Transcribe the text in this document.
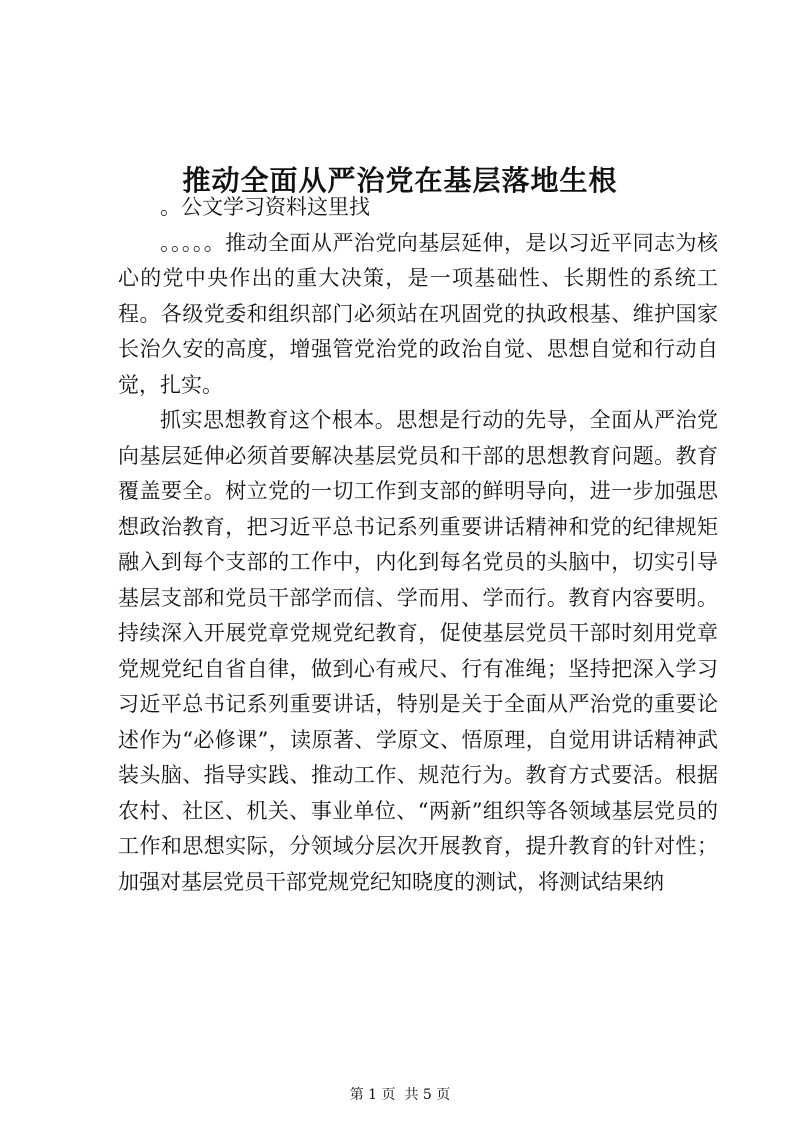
推动全面从严治党在基层落地生根

。公文学习资料这里找

。。。。。推动全面从严治党向基层延伸，是以习近平同志为核心的党中央作出的重大决策，是一项基础性、长期性的系统工程。各级党委和组织部门必须站在巩固党的执政根基、维护国家长治久安的高度，增强管党治党的政治自觉、思想自觉和行动自觉，扎实。

抓实思想教育这个根本。思想是行动的先导，全面从严治党向基层延伸必须首要解决基层党员和干部的思想教育问题。教育覆盖要全。树立党的一切工作到支部的鲜明导向，进一步加强思想政治教育，把习近平总书记系列重要讲话精神和党的纪律规矩融入到每个支部的工作中，内化到每名党员的头脑中，切实引导基层支部和党员干部学而信、学而用、学而行。教育内容要明。持续深入开展党章党规党纪教育，促使基层党员干部时刻用党章党规党纪自省自律，做到心有戒尺、行有准绳；坚持把深入学习习近平总书记系列重要讲话，特别是关于全面从严治党的重要论述作为“必修课”，读原著、学原文、悟原理，自觉用讲话精神武装头脑、指导实践、推动工作、规范行为。教育方式要活。根据农村、社区、机关、事业单位、“两新”组织等各领域基层党员的工作和思想实际，分领域分层次开展教育，提升教育的针对性；加强对基层党员干部党规党纪知晓度的测试，将测试结果纳

第 1 页  共 5 页
